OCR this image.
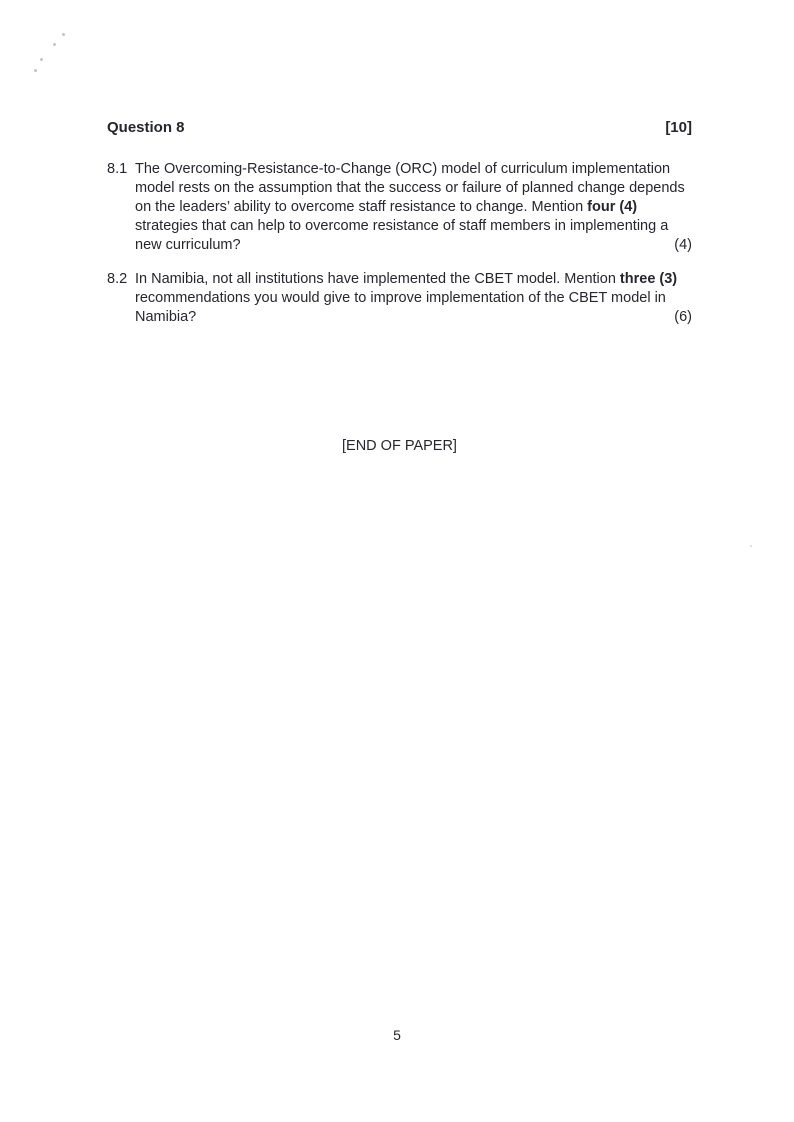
Question 8	[10]

8.1The Overcoming-Resistance-to-Change (ORC) model of curriculum implementation model rests on the assumption that the success or failure of planned change depends on the leaders’ ability to overcome staff resistance to change. Mention four (4) strategies that can help to overcome resistance of staff members in implementing a new curriculum?	(4)

8.2In Namibia, not all institutions have implemented the CBET model. Mention three (3) recommendations you would give to improve implementation of the CBET model in Namibia?	(6)

[END OF PAPER]

5
